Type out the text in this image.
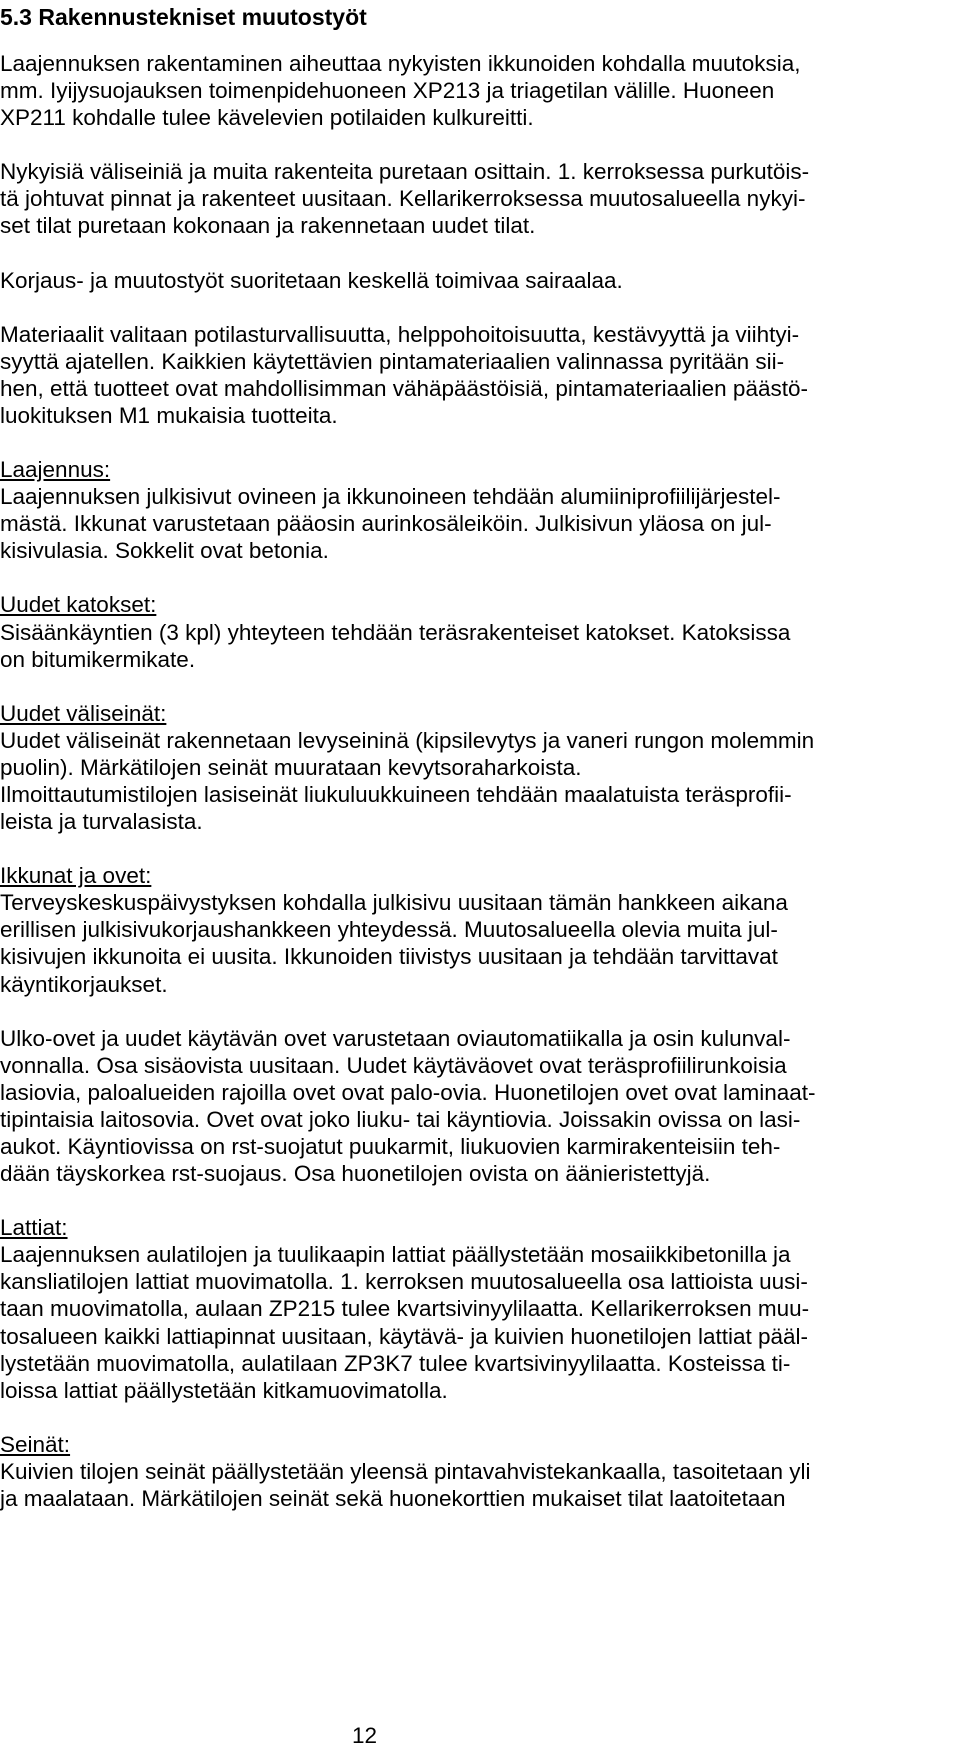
5.3 Rakennustekniset muutostyöt
Laajennuksen rakentaminen aiheuttaa nykyisten ikkunoiden kohdalla muutoksia,
mm. Iyijysuojauksen toimenpidehuoneen XP213 ja triagetilan välille. Huoneen
XP211 kohdalle tulee kävelevien potilaiden kulkureitti.
Nykyisiä väliseiniä ja muita rakenteita puretaan osittain. 1. kerroksessa purkutöis-
tä johtuvat pinnat ja rakenteet uusitaan. Kellarikerroksessa muutosalueella nykyi-
set tilat puretaan kokonaan ja rakennetaan uudet tilat.
Korjaus- ja muutostyöt suoritetaan keskellä toimivaa sairaalaa.
Materiaalit valitaan potilasturvallisuutta, helppohoitoisuutta, kestävyyttä ja viihtyi-
syyttä ajatellen. Kaikkien käytettävien pintamateriaalien valinnassa pyritään sii-
hen, että tuotteet ovat mahdollisimman vähäpäästöisiä, pintamateriaalien päästö-
luokituksen M1 mukaisia tuotteita.
Laajennus:
Laajennuksen julkisivut ovineen ja ikkunoineen tehdään alumiiniprofiilijärjestel-
mästä. Ikkunat varustetaan pääosin aurinkosäleiköin. Julkisivun yläosa on jul-
kisivulasia. Sokkelit ovat betonia.
Uudet katokset:
Sisäänkäyntien (3 kpl) yhteyteen tehdään teräsrakenteiset katokset. Katoksissa
on bitumikermikate.
Uudet väliseinät:
Uudet väliseinät rakennetaan levyseininä (kipsilevytys ja vaneri rungon molemmin
puolin). Märkätilojen seinät muurataan kevytsoraharkoista.
Ilmoittautumistilojen lasiseinät liukuluukkuineen tehdään maalatuista teräsprofii-
leista ja turvalasista.
Ikkunat ja ovet:
Terveyskeskuspäivystyksen kohdalla julkisivu uusitaan tämän hankkeen aikana
erillisen julkisivukorjaushankkeen yhteydessä. Muutosalueella olevia muita jul-
kisivujen ikkunoita ei uusita. Ikkunoiden tiivistys uusitaan ja tehdään tarvittavat
käyntikorjaukset.
Ulko-ovet ja uudet käytävän ovet varustetaan oviautomatiikalla ja osin kulunval-
vonnalla. Osa sisäovista uusitaan. Uudet käytäväovet ovat teräsprofiilirunkoisia
lasiovia, paloalueiden rajoilla ovet ovat palo-ovia. Huonetilojen ovet ovat laminaat-
tipintaisia laitosovia. Ovet ovat joko liuku- tai käyntiovia. Joissakin ovissa on lasi-
aukot. Käyntiovissa on rst-suojatut puukarmit, liukuovien karmirakenteisiin teh-
dään täyskorkea rst-suojaus. Osa huonetilojen ovista on äänieristettyjä.
Lattiat:
Laajennuksen aulatilojen ja tuulikaapin lattiat päällystetään mosaiikkibetonilla ja
kansliatilojen lattiat muovimatolla. 1. kerroksen muutosalueella osa lattioista uusi-
taan muovimatolla, aulaan ZP215 tulee kvartsivinyylilaatta. Kellarikerroksen muu-
tosalueen kaikki lattiapinnat uusitaan, käytävä- ja kuivien huonetilojen lattiat pääl-
lystetään muovimatolla, aulatilaan ZP3K7 tulee kvartsivinyylilaatta. Kosteissa ti-
loissa lattiat päällystetään kitkamuovimatolla.
Seinät:
Kuivien tilojen seinät päällystetään yleensä pintavahvistekankaalla, tasoitetaan yli
ja maalataan. Märkätilojen seinät sekä huonekorttien mukaiset tilat laatoitetaan
12
